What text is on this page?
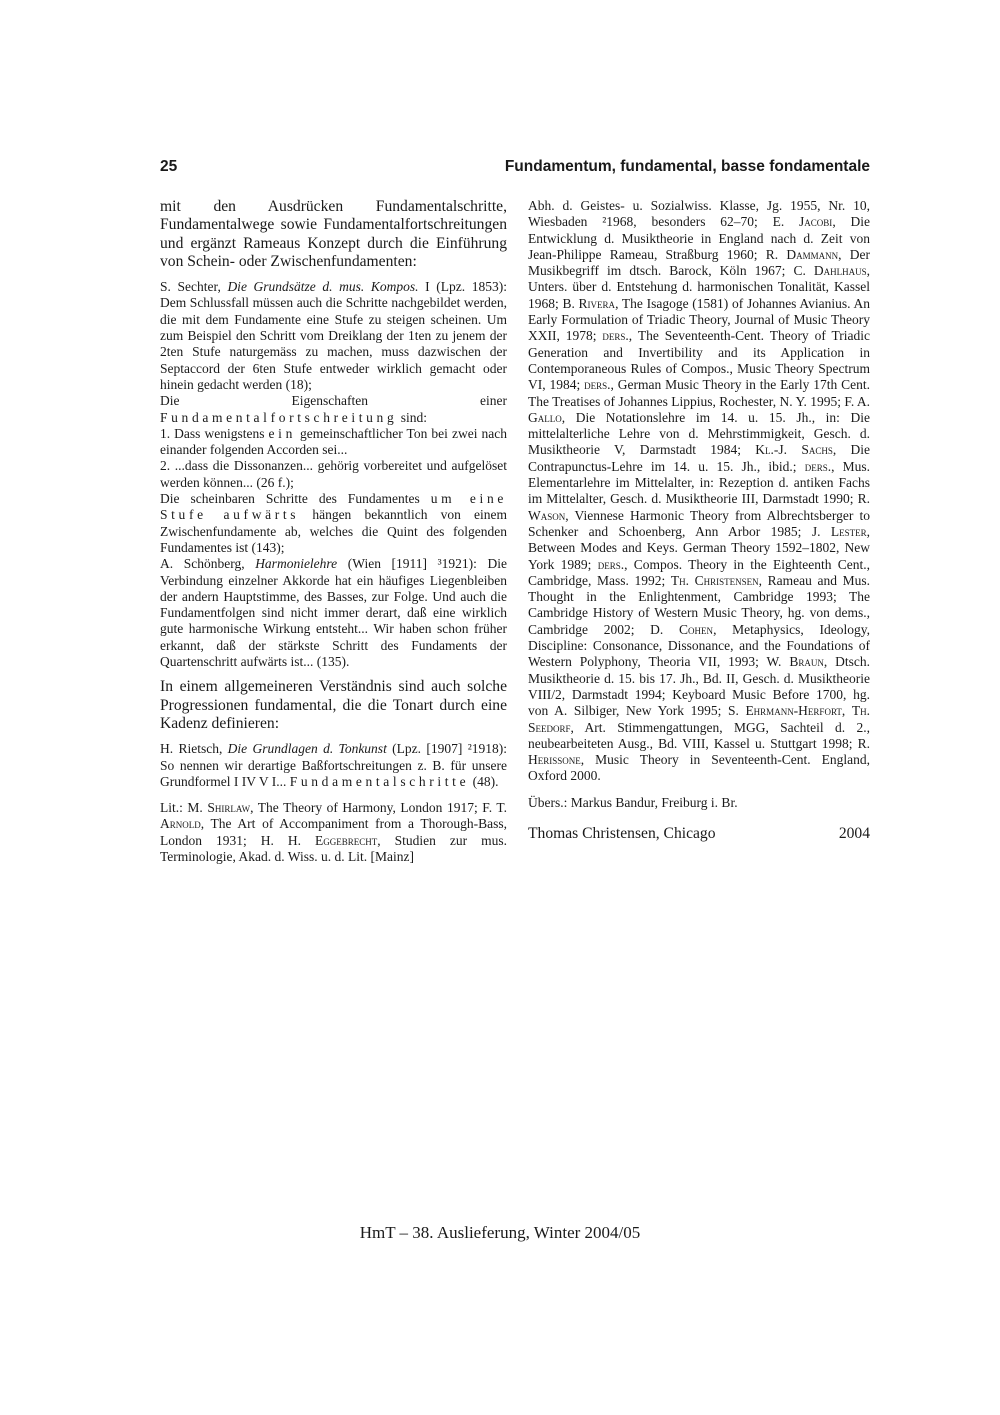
25	Fundamentum, fundamental, basse fondamentale

mit den Ausdrücken Fundamentalschritte, Fundamentalwege sowie Fundamentalfortschreitungen und ergänzt Rameaus Konzept durch die Einführung von Schein- oder Zwischenfundamenten:

S. Sechter, Die Grundsätze d. mus. Kompos. I (Lpz. 1853): Dem Schlussfall müssen auch die Schritte nachgebildet werden, die mit dem Fundamente eine Stufe zu steigen scheinen. Um zum Beispiel den Schritt vom Dreiklang der 1ten zu jenem der 2ten Stufe naturgemäss zu machen, muss dazwischen der Septaccord der 6ten Stufe entweder wirklich gemacht oder hinein gedacht werden (18);
Die Eigenschaften einer Fundamentalfortschreitung sind:
1. Dass wenigstens ein gemeinschaftlicher Ton bei zwei nach einander folgenden Accorden sei...
2. ...dass die Dissonanzen... gehörig vorbereitet und aufgelöset werden können... (26 f.);
Die scheinbaren Schritte des Fundamentes um eine Stufe aufwärts hängen bekanntlich von einem Zwischenfundamente ab, welches die Quint des folgenden Fundamentes ist (143);
A. Schönberg, Harmonielehre (Wien [1911] ³1921): Die Verbindung einzelner Akkorde hat ein häufiges Liegenbleiben der andern Hauptstimme, des Basses, zur Folge. Und auch die Fundamentfolgen sind nicht immer derart, daß eine wirklich gute harmonische Wirkung entsteht... Wir haben schon früher erkannt, daß der stärkste Schritt des Fundaments der Quartenschritt aufwärts ist... (135).

In einem allgemeineren Verständnis sind auch solche Progressionen fundamental, die die Tonart durch eine Kadenz definieren:

H. Rietsch, Die Grundlagen d. Tonkunst (Lpz. [1907] ²1918): So nennen wir derartige Baßfortschreitungen z. B. für unsere Grundformel I IV V I... Fundamentalschritte (48).

Lit.: M. Shirlaw, The Theory of Harmony, London 1917; F. T. Arnold, The Art of Accompaniment from a Thorough-Bass, London 1931; H. H. Eggebrecht, Studien zur mus. Terminologie, Akad. d. Wiss. u. d. Lit. [Mainz]

Abh. d. Geistes- u. Sozialwiss. Klasse, Jg. 1955, Nr. 10, Wiesbaden ²1968, besonders 62–70; E. Jacobi, Die Entwicklung d. Musiktheorie in England nach d. Zeit von Jean-Philippe Rameau, Straßburg 1960; R. Dammann, Der Musikbegriff im dtsch. Barock, Köln 1967; C. Dahlhaus, Unters. über d. Entstehung d. harmonischen Tonalität, Kassel 1968; B. Rivera, The Isagoge (1581) of Johannes Avianius. An Early Formulation of Triadic Theory, Journal of Music Theory XXII, 1978; ders., The Seventeenth-Cent. Theory of Triadic Generation and Invertibility and its Application in Contemporaneous Rules of Compos., Music Theory Spectrum VI, 1984; ders., German Music Theory in the Early 17th Cent. The Treatises of Johannes Lippius, Rochester, N. Y. 1995; F. A. Gallo, Die Notationslehre im 14. u. 15. Jh., in: Die mittelalterliche Lehre von d. Mehrstimmigkeit, Gesch. d. Musiktheorie V, Darmstadt 1984; Kl.-J. Sachs, Die Contrapunctus-Lehre im 14. u. 15. Jh., ibid.; ders., Mus. Elementarlehre im Mittelalter, in: Rezeption d. antiken Fachs im Mittelalter, Gesch. d. Musiktheorie III, Darmstadt 1990; R. Wason, Viennese Harmonic Theory from Albrechtsberger to Schenker and Schoenberg, Ann Arbor 1985; J. Lester, Between Modes and Keys. German Theory 1592–1802, New York 1989; ders., Compos. Theory in the Eighteenth Cent., Cambridge, Mass. 1992; Th. Christensen, Rameau and Mus. Thought in the Enlightenment, Cambridge 1993; The Cambridge History of Western Music Theory, hg. von dems., Cambridge 2002; D. Cohen, Metaphysics, Ideology, Discipline: Consonance, Dissonance, and the Foundations of Western Polyphony, Theoria VII, 1993; W. Braun, Dtsch. Musiktheorie d. 15. bis 17. Jh., Bd. II, Gesch. d. Musiktheorie VIII/2, Darmstadt 1994; Keyboard Music Before 1700, hg. von A. Silbiger, New York 1995; S. Ehrmann-Herfort, Th. Seedorf, Art. Stimmengattungen, MGG, Sachteil d. 2., neubearbeiteten Ausg., Bd. VIII, Kassel u. Stuttgart 1998; R. Herissone, Music Theory in Seventeenth-Cent. England, Oxford 2000.

Übers.: Markus Bandur, Freiburg i. Br.

Thomas Christensen, Chicago	2004
HmT – 38. Auslieferung, Winter 2004/05
